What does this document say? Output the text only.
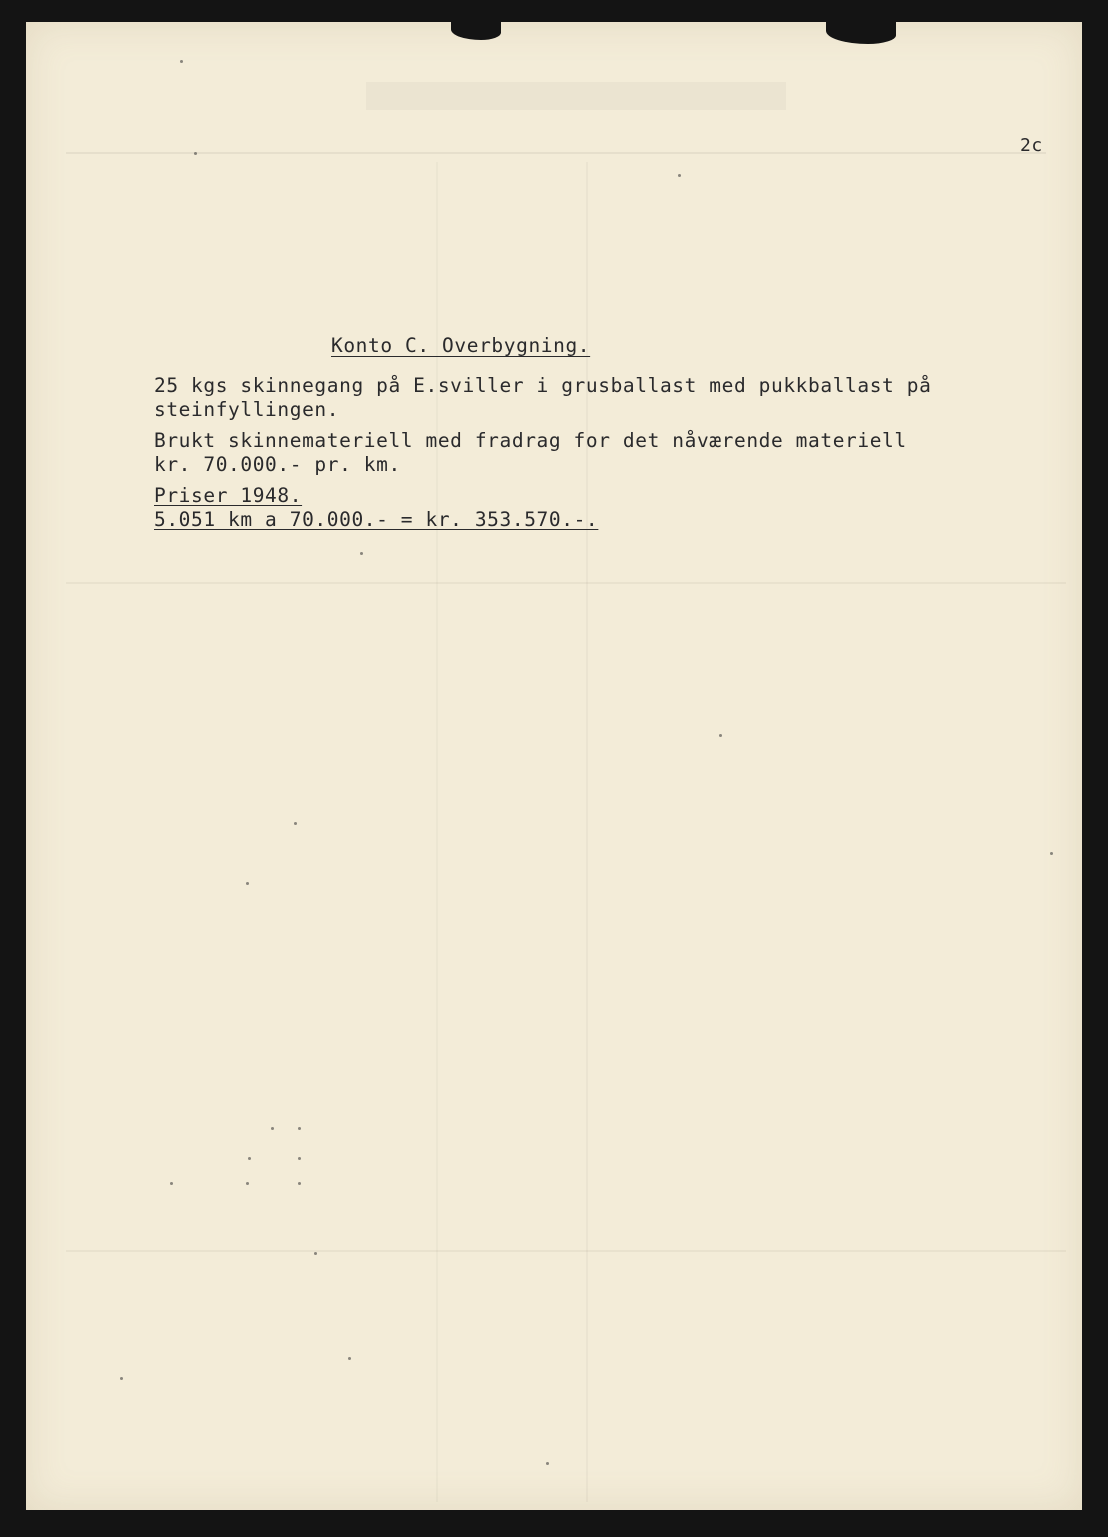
2c
Konto C. Overbygning.
25 kgs skinnegang på E.sviller i grusballast med pukkballast på
steinfyllingen.
Brukt skinnemateriell med fradrag for det nåværende materiell
kr. 70.000.- pr. km.
Priser 1948.
5.051 km a 70.000.- = kr. 353.570.-.
